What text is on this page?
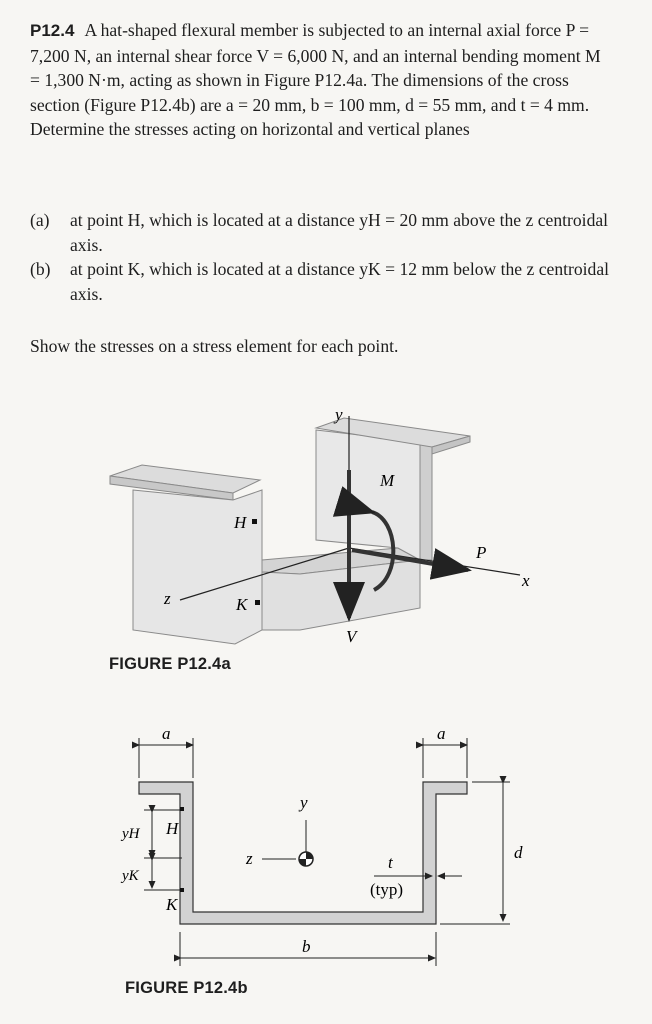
P12.4 A hat-shaped flexural member is subjected to an internal axial force P = 7,200 N, an internal shear force V = 6,000 N, and an internal bending moment M = 1,300 N·m, acting as shown in Figure P12.4a. The dimensions of the cross section (Figure P12.4b) are a = 20 mm, b = 100 mm, d = 55 mm, and t = 4 mm. Determine the stresses acting on horizontal and vertical planes
(a) at point H, which is located at a distance yH = 20 mm above the z centroidal axis.
(b) at point K, which is located at a distance yK = 12 mm below the z centroidal axis.
Show the stresses on a stress element for each point.
y
M
H
P
x
z	K
V
FIGURE P12.4a
a	a
y
yH H
z	t
(typ)
d
yK
K
b
FIGURE P12.4b
